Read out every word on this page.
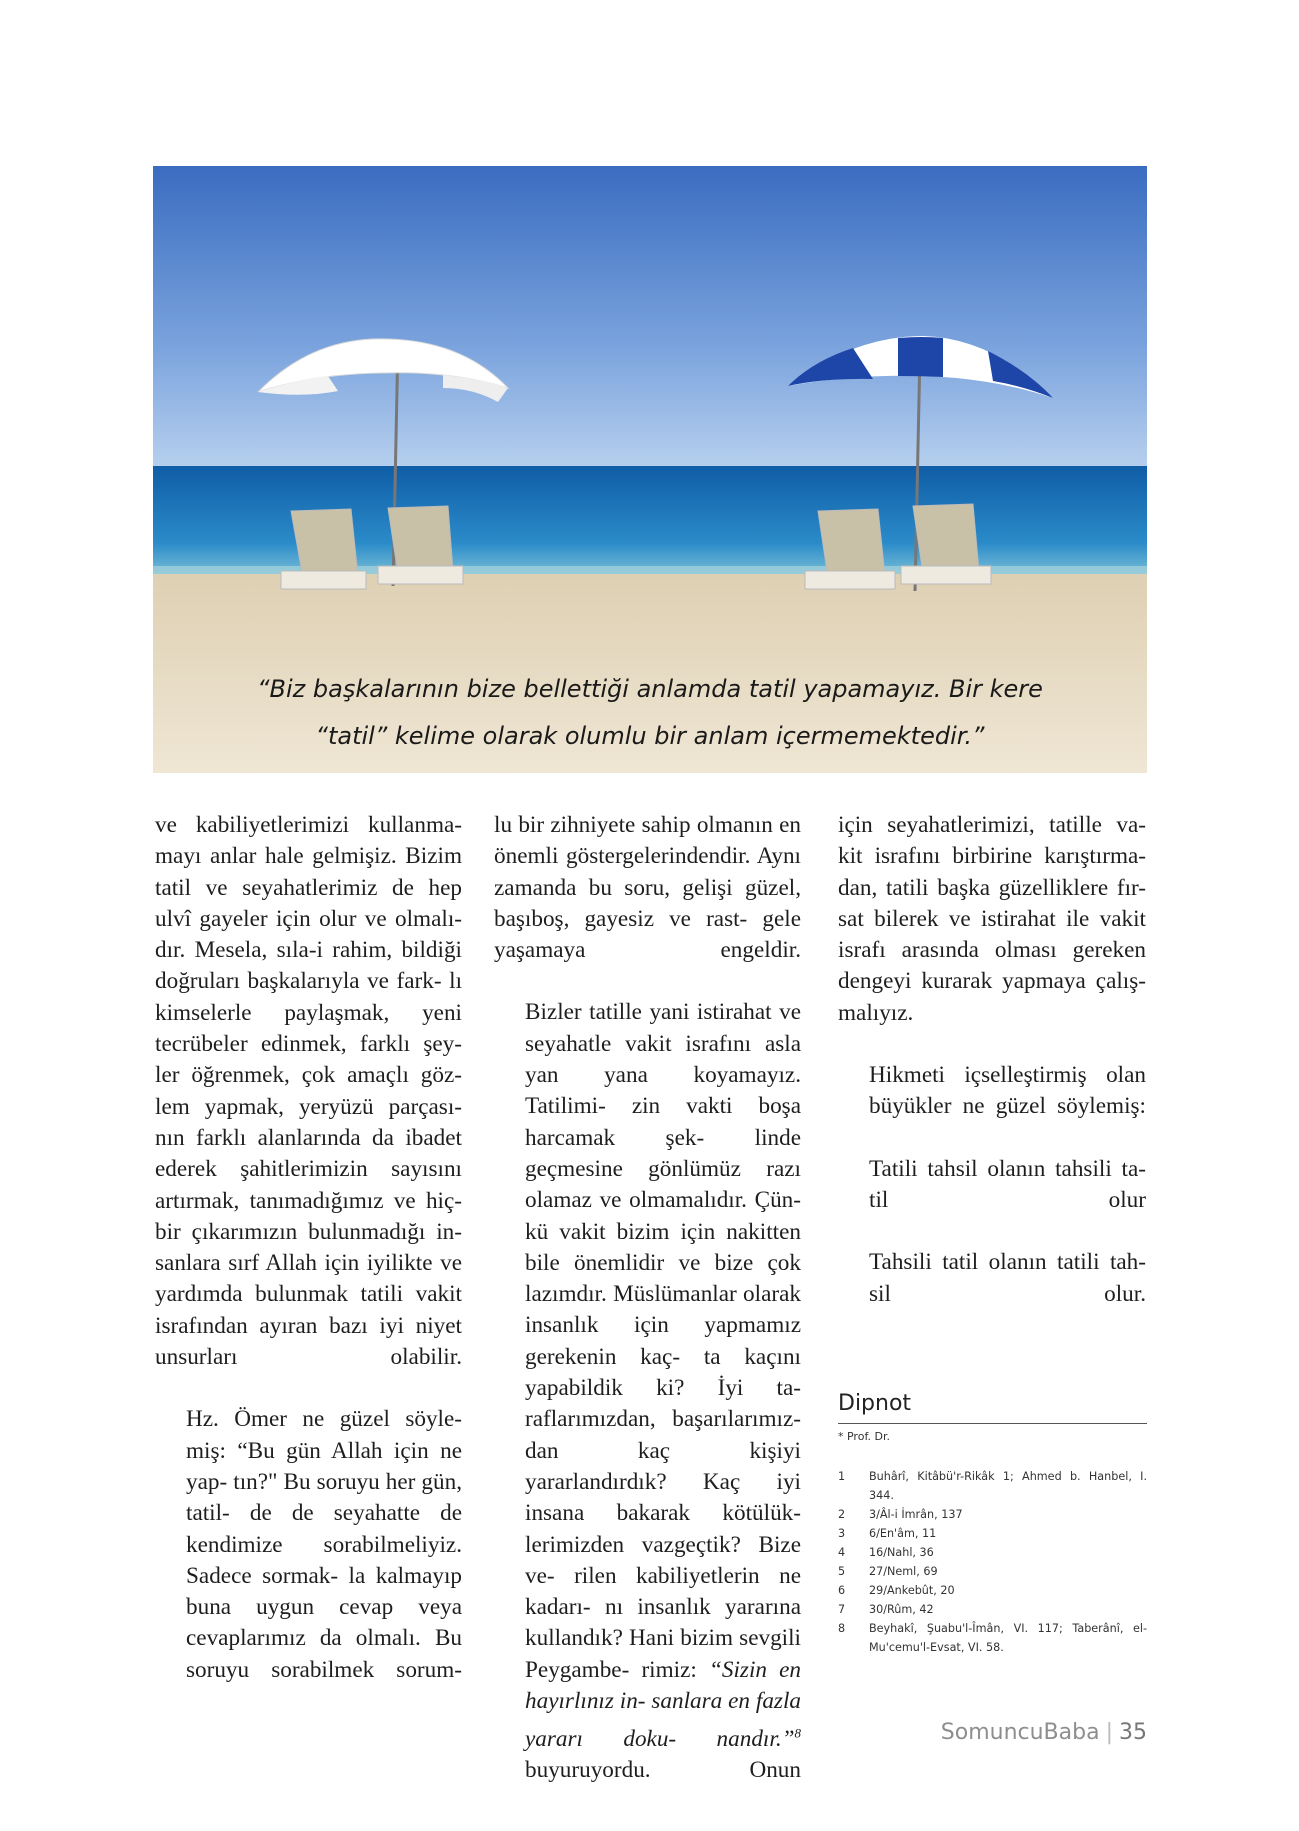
“Biz başkalarının bize bellettiği anlamda tatil yapamayız. Bir kere
“tatil” kelime olarak olumlu bir anlam içermemektedir.”

ve kabiliyetlerimizi kullanma- mayı anlar hale gelmişiz. Bizim tatil ve seyahatlerimiz de hep ulvî gayeler için olur ve olmalı- dır. Mesela, sıla-i rahim, bildiği doğruları başkalarıyla ve fark- lı kimselerle paylaşmak, yeni tecrübeler edinmek, farklı şey- ler öğrenmek, çok amaçlı göz- lem yapmak, yeryüzü parçası- nın farklı alanlarında da ibadet ederek şahitlerimizin sayısını artırmak, tanımadığımız ve hiç- bir çıkarımızın bulunmadığı in- sanlara sırf Allah için iyilikte ve yardımda bulunmak tatili vakit israfından ayıran bazı iyi niyet unsurları olabilir.

Hz. Ömer ne güzel söyle- miş: “Bu gün Allah için ne yap- tın?" Bu soruyu her gün, tatil- de de seyahatte de kendimize sorabilmeliyiz. Sadece sormak- la kalmayıp buna uygun cevap veya cevaplarımız da olmalı. Bu soruyu sorabilmek sorum-

lu bir zihniyete sahip olmanın en önemli göstergelerindendir. Aynı zamanda bu soru, gelişi güzel, başıboş, gayesiz ve rast- gele yaşamaya engeldir.

Bizler tatille yani istirahat ve seyahatle vakit israfını asla yan yana koyamayız. Tatilimi- zin vakti boşa harcamak şek- linde geçmesine gönlümüz razı olamaz ve olmamalıdır. Çün- kü vakit bizim için nakitten bile önemlidir ve bize çok lazımdır. Müslümanlar olarak insanlık için yapmamız gerekenin kaç- ta kaçını yapabildik ki? İyi ta- raflarımızdan, başarılarımız- dan kaç kişiyi yararlandırdık? Kaç iyi insana bakarak kötülük- lerimizden vazgeçtik? Bize ve- rilen kabiliyetlerin ne kadarı- nı insanlık yararına kullandık? Hani bizim sevgili Peygambe- rimiz: “Sizin en hayırlınız in- sanlara en fazla yararı doku- nandır.”$^8$ buyuruyordu. Onun

için seyahatlerimizi, tatille va- kit israfını birbirine karıştırma- dan, tatili başka güzelliklere fır- sat bilerek ve istirahat ile vakit israfı arasında olması gereken dengeyi kurarak yapmaya çalış- malıyız.

Hikmeti içselleştirmiş olan büyükler ne güzel söylemiş:

Tatili tahsil olanın tahsili ta- til olur

Tahsili tatil olanın tatili tah- sil olur.

Dipnot
* Prof. Dr.
1	Buhârî, Kitâbü'r-Rikâk 1; Ahmed b. Hanbel, I. 344.
2	3/Âl-i İmrân, 137
3	6/En'âm, 11
4	16/Nahl, 36
5	27/Neml, 69
6	29/Ankebût, 20
7	30/Rûm, 42
8	Beyhakî, Şuabu'l-Îmân, VI. 117; Taberânî, el-Mu'cemu'l-Evsat, VI. 58.
SomuncuBaba | 35
